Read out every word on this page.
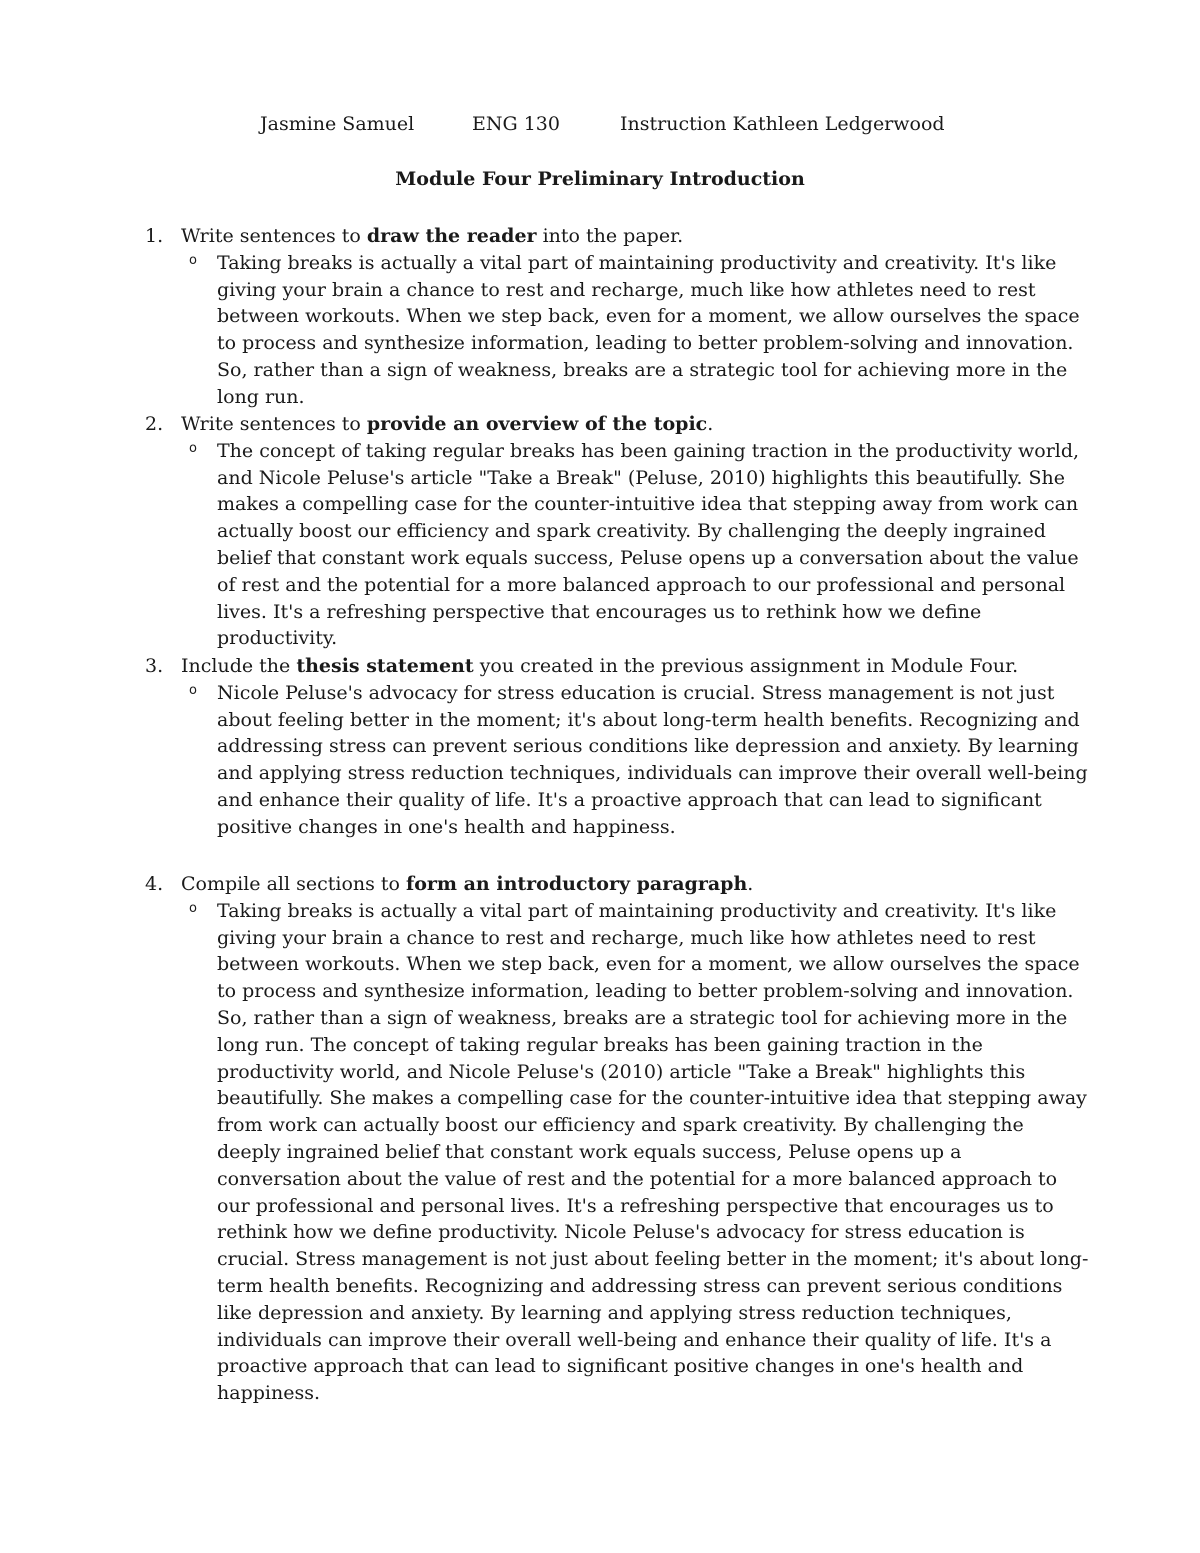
Jasmine Samuel	ENG 130	Instruction Kathleen Ledgerwood
Module Four Preliminary Introduction
1. Write sentences to draw the reader into the paper.
o Taking breaks is actually a vital part of maintaining productivity and creativity. It's like giving your brain a chance to rest and recharge, much like how athletes need to rest between workouts. When we step back, even for a moment, we allow ourselves the space to process and synthesize information, leading to better problem-solving and innovation. So, rather than a sign of weakness, breaks are a strategic tool for achieving more in the long run.
2. Write sentences to provide an overview of the topic.
o The concept of taking regular breaks has been gaining traction in the productivity world, and Nicole Peluse's article "Take a Break" (Peluse, 2010) highlights this beautifully. She makes a compelling case for the counter-intuitive idea that stepping away from work can actually boost our efficiency and spark creativity. By challenging the deeply ingrained belief that constant work equals success, Peluse opens up a conversation about the value of rest and the potential for a more balanced approach to our professional and personal lives. It's a refreshing perspective that encourages us to rethink how we define productivity.
3. Include the thesis statement you created in the previous assignment in Module Four.
o Nicole Peluse's advocacy for stress education is crucial. Stress management is not just about feeling better in the moment; it's about long-term health benefits. Recognizing and addressing stress can prevent serious conditions like depression and anxiety. By learning and applying stress reduction techniques, individuals can improve their overall well-being and enhance their quality of life. It's a proactive approach that can lead to significant positive changes in one's health and happiness.
4. Compile all sections to form an introductory paragraph.
o Taking breaks is actually a vital part of maintaining productivity and creativity. It's like giving your brain a chance to rest and recharge, much like how athletes need to rest between workouts. When we step back, even for a moment, we allow ourselves the space to process and synthesize information, leading to better problem-solving and innovation. So, rather than a sign of weakness, breaks are a strategic tool for achieving more in the long run. The concept of taking regular breaks has been gaining traction in the productivity world, and Nicole Peluse's (2010) article "Take a Break" highlights this beautifully. She makes a compelling case for the counter-intuitive idea that stepping away from work can actually boost our efficiency and spark creativity. By challenging the deeply ingrained belief that constant work equals success, Peluse opens up a conversation about the value of rest and the potential for a more balanced approach to our professional and personal lives. It's a refreshing perspective that encourages us to rethink how we define productivity. Nicole Peluse's advocacy for stress education is crucial. Stress management is not just about feeling better in the moment; it's about long-term health benefits. Recognizing and addressing stress can prevent serious conditions like depression and anxiety. By learning and applying stress reduction techniques, individuals can improve their overall well-being and enhance their quality of life. It's a proactive approach that can lead to significant positive changes in one's health and happiness.
